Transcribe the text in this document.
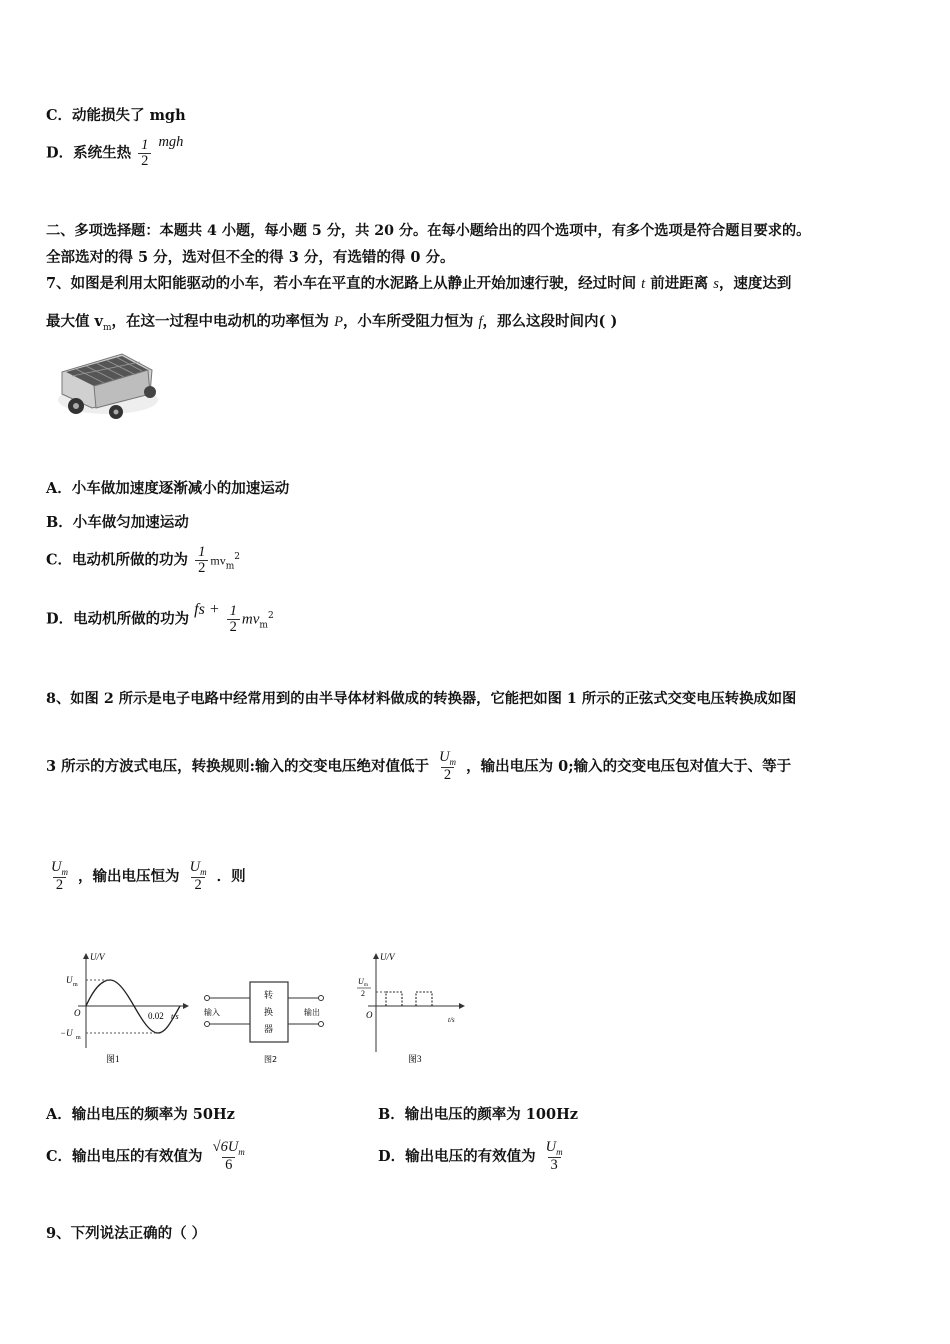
C．动能损失了 mgh
D．系统生热 $\frac{1}{2}$ mgh
二、多项选择题：本题共 4 小题，每小题 5 分，共 20 分。在每小题给出的四个选项中，有多个选项是符合题目要求的。
全部选对的得 5 分，选对但不全的得 3 分，有选错的得 0 分。
7、如图是利用太阳能驱动的小车，若小车在平直的水泥路上从静止开始加速行驶，经过时间 t 前进距离 s，速度达到
最大值 $v_m$，在这一过程中电动机的功率恒为 P，小车所受阻力恒为 f，那么这段时间内( )
A．小车做加速度逐渐减小的加速运动
B．小车做匀加速运动
C．电动机所做的功为 $\frac{1}{2} mv_m^2$
D．电动机所做的功为 fs + $\frac{1}{2} mv_m^2$
8、如图 2 所示是电子电路中经常用到的由半导体材料做成的转换器，它能把如图 1 所示的正弦式交变电压转换成如图
3 所示的方波式电压，转换规则:输入的交变电压绝对值低于 $\frac{U_m}{2}$ ，输出电压为 0;输入的交变电压包对值大于、等于
$\frac{U_m}{2}$ ，输出电压恒为 $\frac{U_m}{2}$ ．则
U/V
U m
O
−U m
0.02 t/s
图1
转
换
器
输入	输出
图2
U/V
U m
2
O	t/s
图3
A．输出电压的频率为 50Hz	B．输出电压的颜率为 100Hz
C．输出电压的有效值为 $\frac{√6U_m}{6}$	D．输出电压的有效值为 $\frac{U_m}{3}$
9、下列说法正确的（ ）
